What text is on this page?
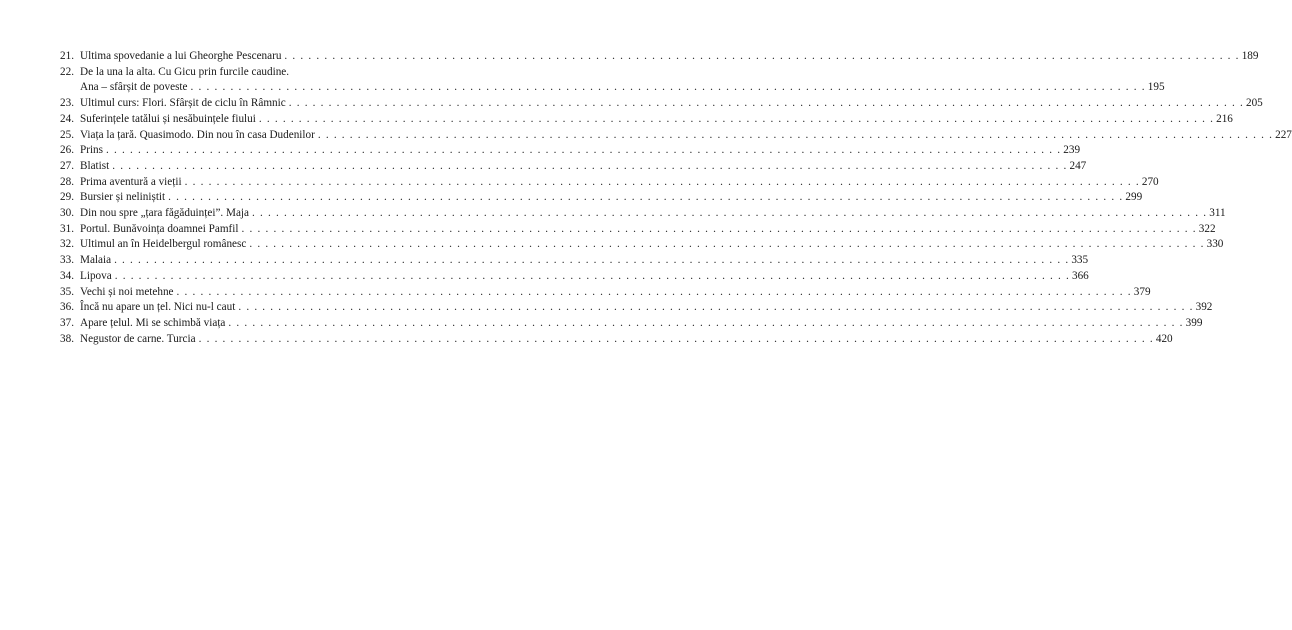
21. Ultima spovedanie a lui Gheorghe Pescenaru . . . . . . . . . . . . . . . . . . . . . . . . . . . . . . . . . . . . . . . . . . . . . . . . . . . . . . . . . . . . . . . . . . . . . . . . . . . . . . . . . . . . . . . . . . . . . . . . . . . . . . . . . . . . . . . . . . . . . . . . 189
22. De la una la alta. Cu Gicu prin furcile caudine.
Ana – sfârșit de poveste . . . . . . . . . . . . . . . . . . . . . . . . . . . . . . . . . . . . . . . . . . . . . . . . . . . . . . . . . . . . . . . . . . . . . . . . . . . . . . . . . . . . . . . . . . . . . . . . . . . . . . . . . . . . . . . . . . . . . . . . 195
23. Ultimul curs: Flori. Sfârșit de ciclu în Râmnic . . . . . . . . . . . . . . . . . . . . . . . . . . . . . . . . . . . . . . . . . . . . . . . . . . . . . . . . . . . . . . . . . . . . . . . . . . . . . . . . . . . . . . . . . . . . . . . . . . . . . . . . . . . . . . . . . . . . . . . . 205
24. Suferințele tatălui și nesăbuințele fiului . . . . . . . . . . . . . . . . . . . . . . . . . . . . . . . . . . . . . . . . . . . . . . . . . . . . . . . . . . . . . . . . . . . . . . . . . . . . . . . . . . . . . . . . . . . . . . . . . . . . . . . . . . . . . . . . . . . . . . . . 216
25. Viața la țară. Quasimodo. Din nou în casa Dudenilor . . . . . . . . . . . . . . . . . . . . . . . . . . . . . . . . . . . . . . . . . . . . . . . . . . . . . . . . . . . . . . . . . . . . . . . . . . . . . . . . . . . . . . . . . . . . . . . . . . . . . . . . . . . . . . . . . . . . . . . . 227
26. Prins . . . . . . . . . . . . . . . . . . . . . . . . . . . . . . . . . . . . . . . . . . . . . . . . . . . . . . . . . . . . . . . . . . . . . . . . . . . . . . . . . . . . . . . . . . . . . . . . . . . . . . . . . . . . . . . . . . . . . . . . 239
27. Blatist . . . . . . . . . . . . . . . . . . . . . . . . . . . . . . . . . . . . . . . . . . . . . . . . . . . . . . . . . . . . . . . . . . . . . . . . . . . . . . . . . . . . . . . . . . . . . . . . . . . . . . . . . . . . . . . . . . . . . . . . 247
28. Prima aventură a vieții . . . . . . . . . . . . . . . . . . . . . . . . . . . . . . . . . . . . . . . . . . . . . . . . . . . . . . . . . . . . . . . . . . . . . . . . . . . . . . . . . . . . . . . . . . . . . . . . . . . . . . . . . . . . . . . . . . . . . . . . 270
29. Bursier și neliniștit . . . . . . . . . . . . . . . . . . . . . . . . . . . . . . . . . . . . . . . . . . . . . . . . . . . . . . . . . . . . . . . . . . . . . . . . . . . . . . . . . . . . . . . . . . . . . . . . . . . . . . . . . . . . . . . . . . . . . . . . 299
30. Din nou spre „țara făgăduinței”. Maja . . . . . . . . . . . . . . . . . . . . . . . . . . . . . . . . . . . . . . . . . . . . . . . . . . . . . . . . . . . . . . . . . . . . . . . . . . . . . . . . . . . . . . . . . . . . . . . . . . . . . . . . . . . . . . . . . . . . . . . . 311
31. Portul. Bunăvoința doamnei Pamfil . . . . . . . . . . . . . . . . . . . . . . . . . . . . . . . . . . . . . . . . . . . . . . . . . . . . . . . . . . . . . . . . . . . . . . . . . . . . . . . . . . . . . . . . . . . . . . . . . . . . . . . . . . . . . . . . . . . . . . . . 322
32. Ultimul an în Heidelbergul românesc . . . . . . . . . . . . . . . . . . . . . . . . . . . . . . . . . . . . . . . . . . . . . . . . . . . . . . . . . . . . . . . . . . . . . . . . . . . . . . . . . . . . . . . . . . . . . . . . . . . . . . . . . . . . . . . . . . . . . . . . 330
33. Malaia . . . . . . . . . . . . . . . . . . . . . . . . . . . . . . . . . . . . . . . . . . . . . . . . . . . . . . . . . . . . . . . . . . . . . . . . . . . . . . . . . . . . . . . . . . . . . . . . . . . . . . . . . . . . . . . . . . . . . . . . 335
34. Lipova . . . . . . . . . . . . . . . . . . . . . . . . . . . . . . . . . . . . . . . . . . . . . . . . . . . . . . . . . . . . . . . . . . . . . . . . . . . . . . . . . . . . . . . . . . . . . . . . . . . . . . . . . . . . . . . . . . . . . . . . 366
35. Vechi și noi metehne . . . . . . . . . . . . . . . . . . . . . . . . . . . . . . . . . . . . . . . . . . . . . . . . . . . . . . . . . . . . . . . . . . . . . . . . . . . . . . . . . . . . . . . . . . . . . . . . . . . . . . . . . . . . . . . . . . . . . . . . 379
36. Încă nu apare un țel. Nici nu-l caut . . . . . . . . . . . . . . . . . . . . . . . . . . . . . . . . . . . . . . . . . . . . . . . . . . . . . . . . . . . . . . . . . . . . . . . . . . . . . . . . . . . . . . . . . . . . . . . . . . . . . . . . . . . . . . . . . . . . . . . . 392
37. Apare țelul. Mi se schimbă viața . . . . . . . . . . . . . . . . . . . . . . . . . . . . . . . . . . . . . . . . . . . . . . . . . . . . . . . . . . . . . . . . . . . . . . . . . . . . . . . . . . . . . . . . . . . . . . . . . . . . . . . . . . . . . . . . . . . . . . . . 399
38. Negustor de carne. Turcia . . . . . . . . . . . . . . . . . . . . . . . . . . . . . . . . . . . . . . . . . . . . . . . . . . . . . . . . . . . . . . . . . . . . . . . . . . . . . . . . . . . . . . . . . . . . . . . . . . . . . . . . . . . . . . . . . . . . . . . . 420
